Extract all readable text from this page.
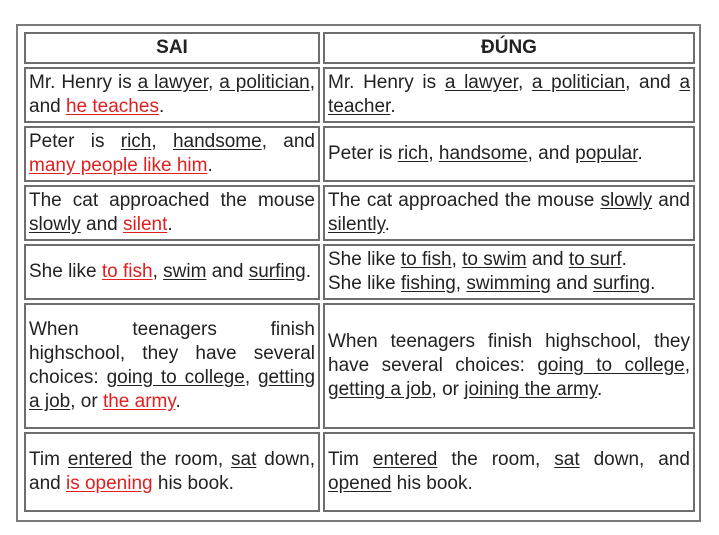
SAI	ĐÚNG
Mr. Henry is a lawyer, a politician, and he teaches.	Mr. Henry is a lawyer, a politician, and a teacher.
Peter is rich, handsome, and many people like him.	Peter is rich, handsome, and popular.
The cat approached the mouse slowly and silent.	The cat approached the mouse slowly and silently.
She like to fish, swim and surfing.	She like to fish, to swim and to surf.
She like fishing, swimming and surfing.
When teenagers finish highschool, they have several choices: going to college, getting a job, or the army.	When teenagers finish highschool, they have several choices: going to college, getting a job, or joining the army.
Tim entered the room, sat down, and is opening his book.	Tim entered the room, sat down, and opened his book.
